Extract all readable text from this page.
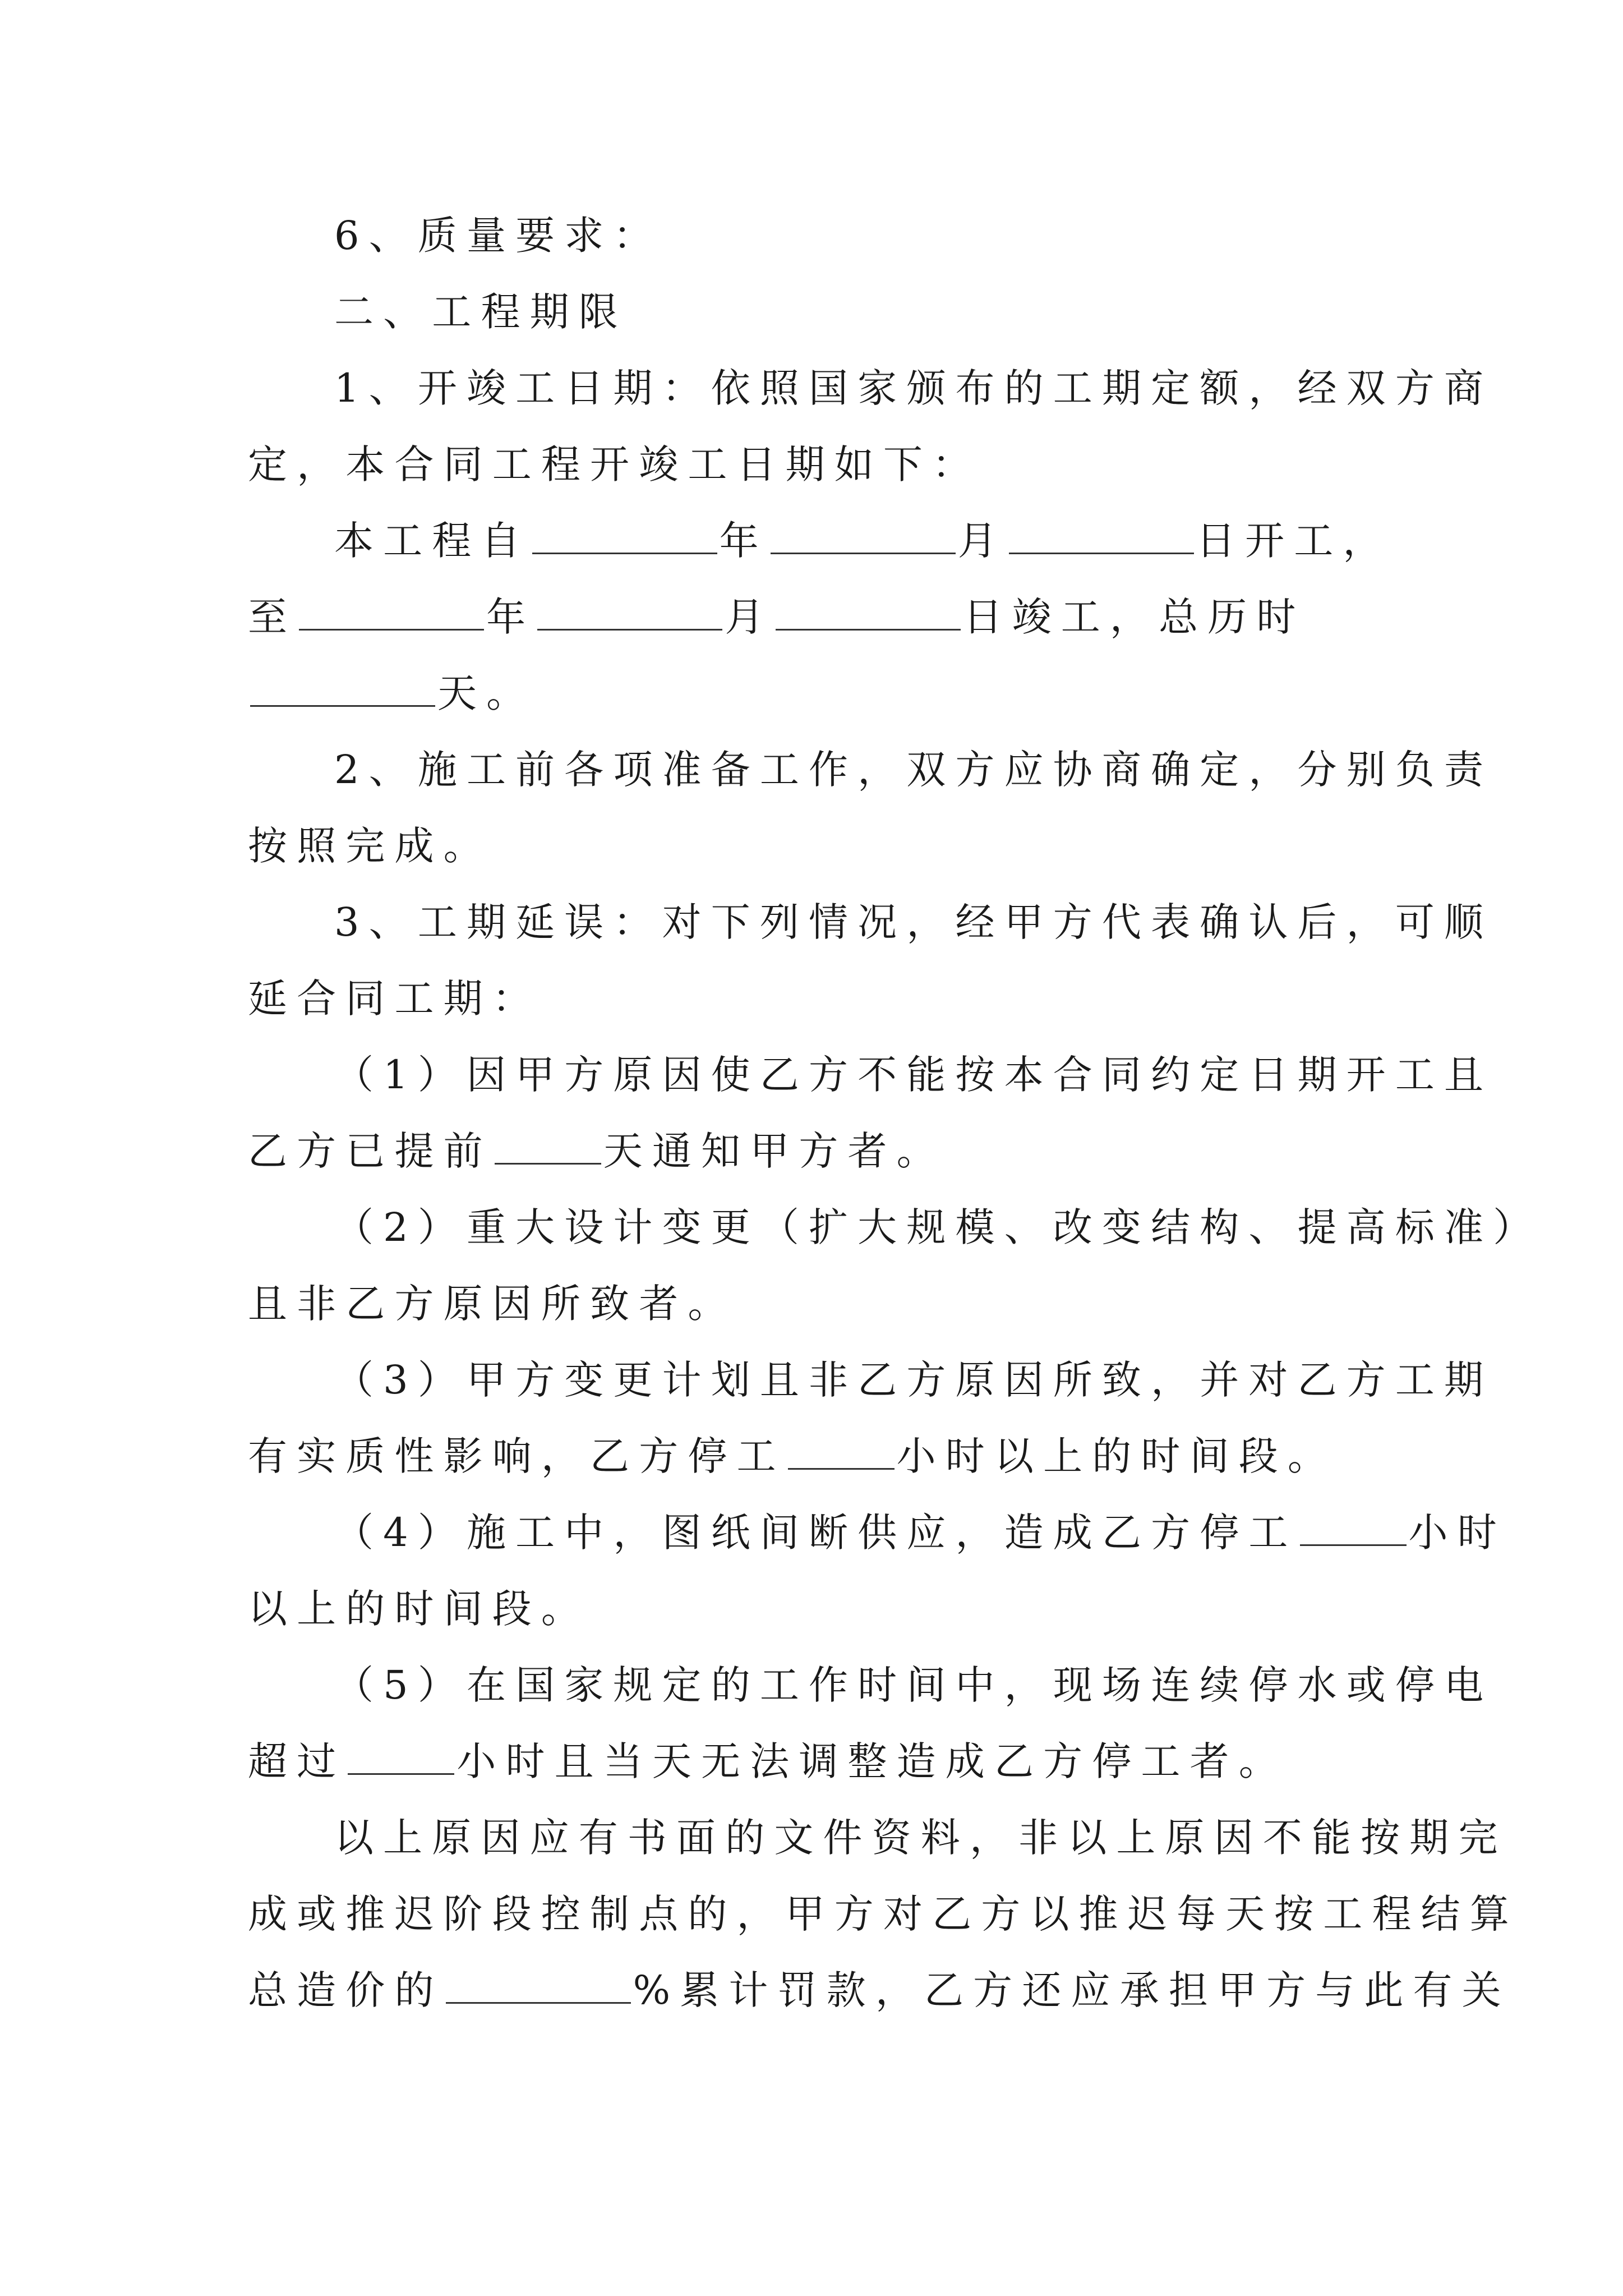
6、质量要求：
二、工程期限
1、开竣工日期：依照国家颁布的工期定额，经双方商
定，本合同工程开竣工日期如下：
本工程自	年	月	日开工，
至	年	月	日竣工，总历时
天。
2、施工前各项准备工作，双方应协商确定，分别负责
按照完成。
3、工期延误：对下列情况，经甲方代表确认后，可顺
延合同工期：
（1）因甲方原因使乙方不能按本合同约定日期开工且
乙方已提前	天通知甲方者。
（2）重大设计变更（扩大规模、改变结构、提高标准）
且非乙方原因所致者。
（3）甲方变更计划且非乙方原因所致，并对乙方工期
有实质性影响，乙方停工	小时以上的时间段。
（4）施工中，图纸间断供应，造成乙方停工	小时
以上的时间段。
（5）在国家规定的工作时间中，现场连续停水或停电
超过	小时且当天无法调整造成乙方停工者。
以上原因应有书面的文件资料，非以上原因不能按期完
成或推迟阶段控制点的，甲方对乙方以推迟每天按工程结算
总造价的	%累计罚款，乙方还应承担甲方与此有关
